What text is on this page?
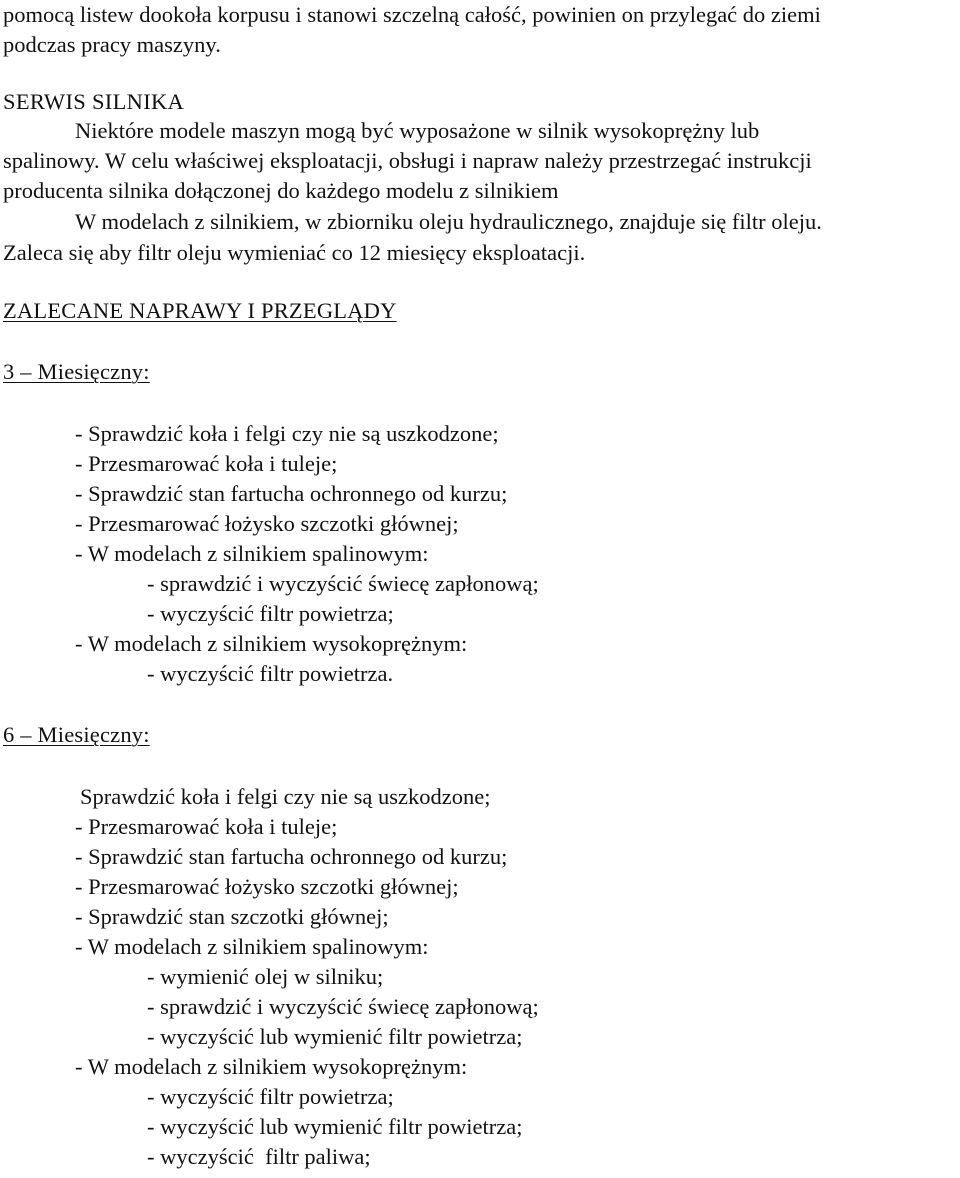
pomocą listew dookoła korpusu i stanowi szczelną całość, powinien on przylegać do ziemi
podczas pracy maszyny.
SERWIS SILNIKA
Niektóre modele maszyn mogą być wyposażone w silnik wysokoprężny lub
spalinowy. W celu właściwej eksploatacji, obsługi i napraw należy przestrzegać instrukcji
producenta silnika dołączonej do każdego modelu z silnikiem
W modelach z silnikiem, w zbiorniku oleju hydraulicznego, znajduje się filtr oleju.
Zaleca się aby filtr oleju wymieniać co 12 miesięcy eksploatacji.
ZALECANE NAPRAWY I PRZEGLĄDY
3 – Miesięczny:
- Sprawdzić koła i felgi czy nie są uszkodzone;
- Przesmarować koła i tuleje;
- Sprawdzić stan fartucha ochronnego od kurzu;
- Przesmarować łożysko szczotki głównej;
- W modelach z silnikiem spalinowym:
- sprawdzić i wyczyścić świecę zapłonową;
- wyczyścić filtr powietrza;
- W modelach z silnikiem wysokoprężnym:
- wyczyścić filtr powietrza.
6 – Miesięczny:
Sprawdzić koła i felgi czy nie są uszkodzone;
- Przesmarować koła i tuleje;
- Sprawdzić stan fartucha ochronnego od kurzu;
- Przesmarować łożysko szczotki głównej;
- Sprawdzić stan szczotki głównej;
- W modelach z silnikiem spalinowym:
- wymienić olej w silniku;
- sprawdzić i wyczyścić świecę zapłonową;
- wyczyścić lub wymienić filtr powietrza;
- W modelach z silnikiem wysokoprężnym:
- wyczyścić filtr powietrza;
- wyczyścić lub wymienić filtr powietrza;
- wyczyścić  filtr paliwa;
